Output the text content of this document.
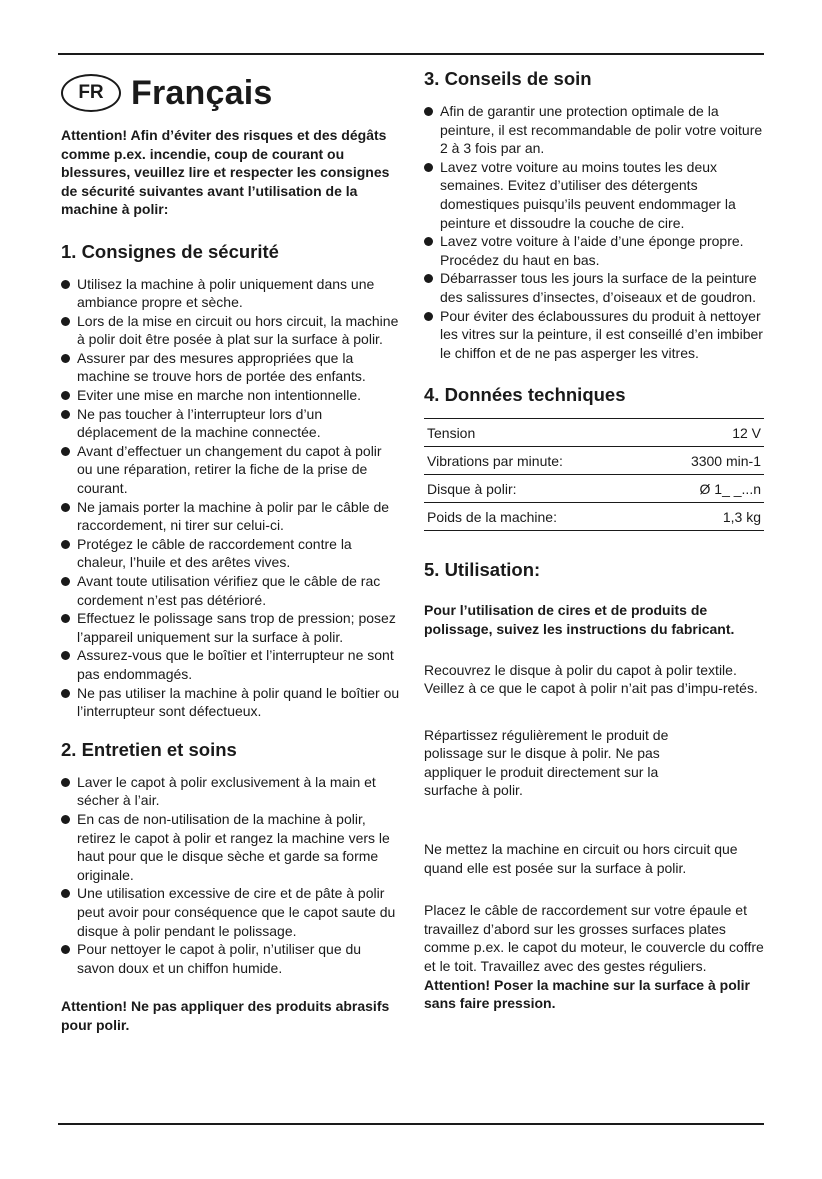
FR Français

Attention! Afin d’éviter des risques et des dégâts comme p.ex. incendie, coup de courant ou blessures, veuillez lire et respecter les consignes de sécurité suivantes avant l’utilisation de la machine à polir:

1. Consignes de sécurité
Utilisez la machine à polir uniquement dans une ambiance propre et sèche.
Lors de la mise en circuit ou hors circuit, la machine à polir doit être posée à plat sur la surface à polir.
Assurer par des mesures appropriées que la machine se trouve hors de portée des enfants.
Eviter une mise en marche non intentionnelle.
Ne pas toucher à l’interrupteur lors d’un déplacement de la machine connectée.
Avant d’effectuer un changement du capot à polir ou une réparation, retirer la fiche de la prise de courant.
Ne jamais porter la machine à polir par le câble de raccordement, ni tirer sur celui-ci.
Protégez le câble de raccordement contre la chaleur, l’huile et des arêtes vives.
Avant toute utilisation vérifiez que le câble de rac cordement n’est pas détérioré.
Effectuez le polissage sans trop de pression; posez l’appareil uniquement sur la surface à polir.
Assurez-vous que le boîtier et l’interrupteur ne sont pas endommagés.
Ne pas utiliser la machine à polir quand le boîtier ou l’interrupteur sont défectueux.
2. Entretien et soins
Laver le capot à polir exclusivement à la main et sécher à l’air.
En cas de non-utilisation de la machine à polir, retirez le capot à polir et rangez la machine vers le haut pour que le disque sèche et garde sa forme originale.
Une utilisation excessive de cire et de pâte à polir peut avoir pour conséquence que le capot saute du disque à polir pendant le polissage.
Pour nettoyer le capot à polir, n’utiliser que du savon doux et un chiffon humide.

Attention! Ne pas appliquer des produits abrasifs pour polir.

3. Conseils de soin
Afin de garantir une protection optimale de la peinture, il est recommandable de polir votre voiture 2 à 3 fois par an.
Lavez votre voiture au moins toutes les deux semaines. Evitez d’utiliser des détergents domestiques puisqu’ils peuvent endommager la peinture et dissoudre la couche de cire.
Lavez votre voiture à l’aide d’une éponge propre. Procédez du haut en bas.
Débarrasser tous les jours la surface de la peinture des salissures d’insectes, d’oiseaux et de goudron.
Pour éviter des éclaboussures du produit à nettoyer les vitres sur la peinture, il est conseillé d’en imbiber le chiffon et de ne pas asperger les vitres.
4. Données techniques
Tension	12 V
Vibrations par minute:	3300 min-1
Disque à polir:	Ø 1_ _...n
Poids de la machine:	1,3 kg
5. Utilisation:

Pour l’utilisation de cires et de produits de polissage, suivez les instructions du fabricant.

Recouvrez le disque à polir du capot à polir textile. Veillez à ce que le capot à polir n’ait pas d’impu-retés.

Répartissez régulièrement le produit de polissage sur le disque à polir. Ne pas appliquer le produit directement sur la surfache à polir.

Ne mettez la machine en circuit ou hors circuit que quand elle est posée sur la surface à polir.

Placez le câble de raccordement sur votre épaule et travaillez d’abord sur les grosses surfaces plates comme p.ex. le capot du moteur, le couvercle du coffre et le toit. Travaillez avec des gestes réguliers.

Attention! Poser la machine sur la surface à polir sans faire pression.
